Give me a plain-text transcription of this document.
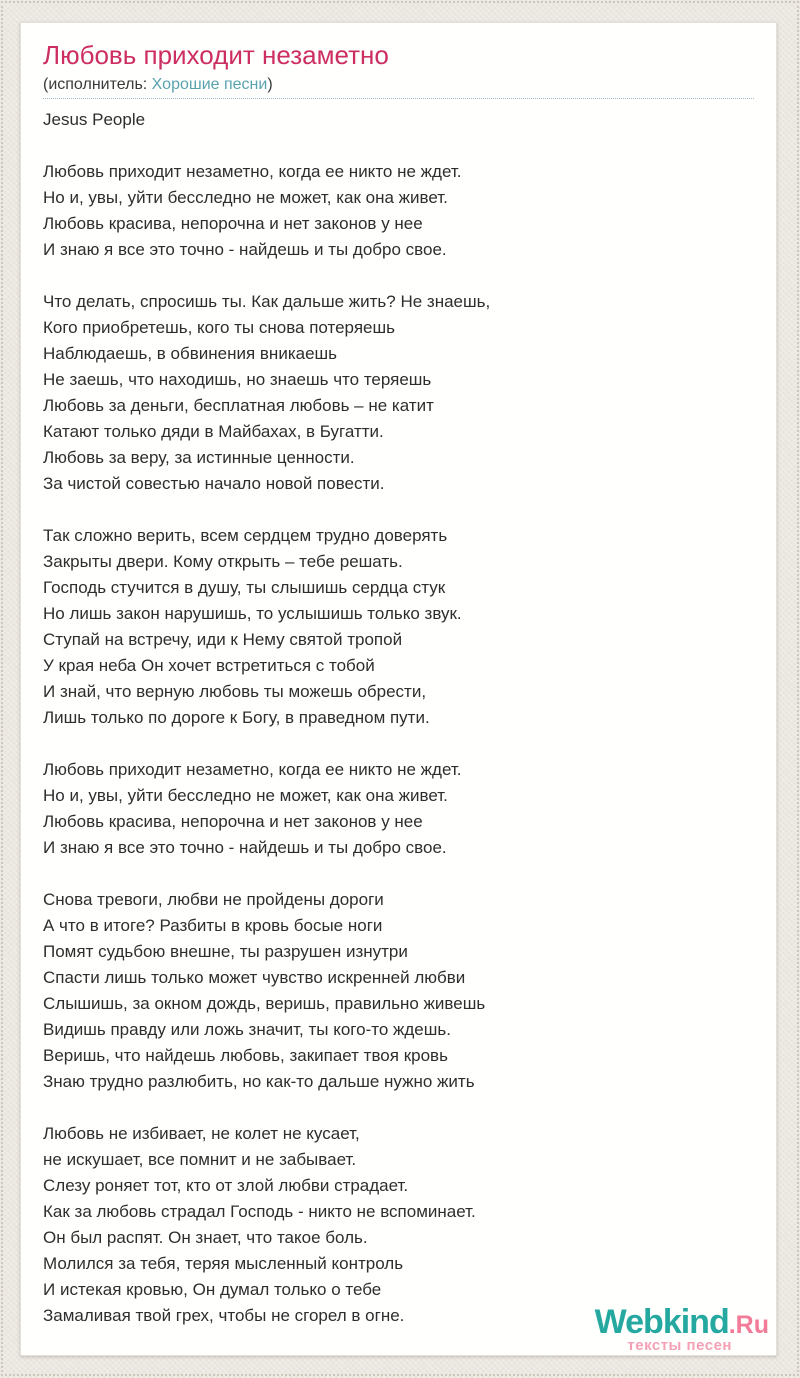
Любовь приходит незаметно
(исполнитель: Хорошие песни)
Jesus People
Любовь приходит незаметно, когда ее никто не ждет.
Но и, увы, уйти бесследно не может, как она живет.
Любовь красива, непорочна и нет законов у нее
И знаю я все это точно - найдешь и ты добро свое.
Что делать, спросишь ты. Как дальше жить? Не знаешь,
Кого приобретешь, кого ты снова потеряешь
Наблюдаешь, в обвинения вникаешь
Не заешь, что находишь, но знаешь что теряешь
Любовь за деньги, бесплатная любовь – не катит
Катают только дяди в Майбахах, в Бугатти.
Любовь за веру, за истинные ценности.
За чистой совестью начало новой повести.
Так сложно верить, всем сердцем трудно доверять
Закрыты двери. Кому открыть – тебе решать.
Господь стучится в душу, ты слышишь сердца стук
Но лишь закон нарушишь, то услышишь только звук.
Ступай на встречу, иди к Нему святой тропой
У края неба Он хочет встретиться с тобой
И знай, что верную любовь ты можешь обрести,
Лишь только по дороге к Богу, в праведном пути.
Любовь приходит незаметно, когда ее никто не ждет.
Но и, увы, уйти бесследно не может, как она живет.
Любовь красива, непорочна и нет законов у нее
И знаю я все это точно - найдешь и ты добро свое.
Снова тревоги, любви не пройдены дороги
А что в итоге? Разбиты в кровь босые ноги
Помят судьбою внешне, ты разрушен изнутри
Спасти лишь только может чувство искренней любви
Слышишь, за окном дождь, веришь, правильно живешь
Видишь правду или ложь значит, ты кого-то ждешь.
Веришь, что найдешь любовь, закипает твоя кровь
Знаю трудно разлюбить, но как-то дальше нужно жить
Любовь не избивает, не колет не кусает,
не искушает, все помнит и не забывает.
Слезу роняет тот, кто от злой любви страдает.
Как за любовь страдал Господь - никто не вспоминает.
Он был распят. Он знает, что такое боль.
Молился за тебя, теряя мысленный контроль
И истекая кровью, Он думал только о тебе
Замаливая твой грех, чтобы не сгорел в огне.	Webkind.Ru
тексты песен
